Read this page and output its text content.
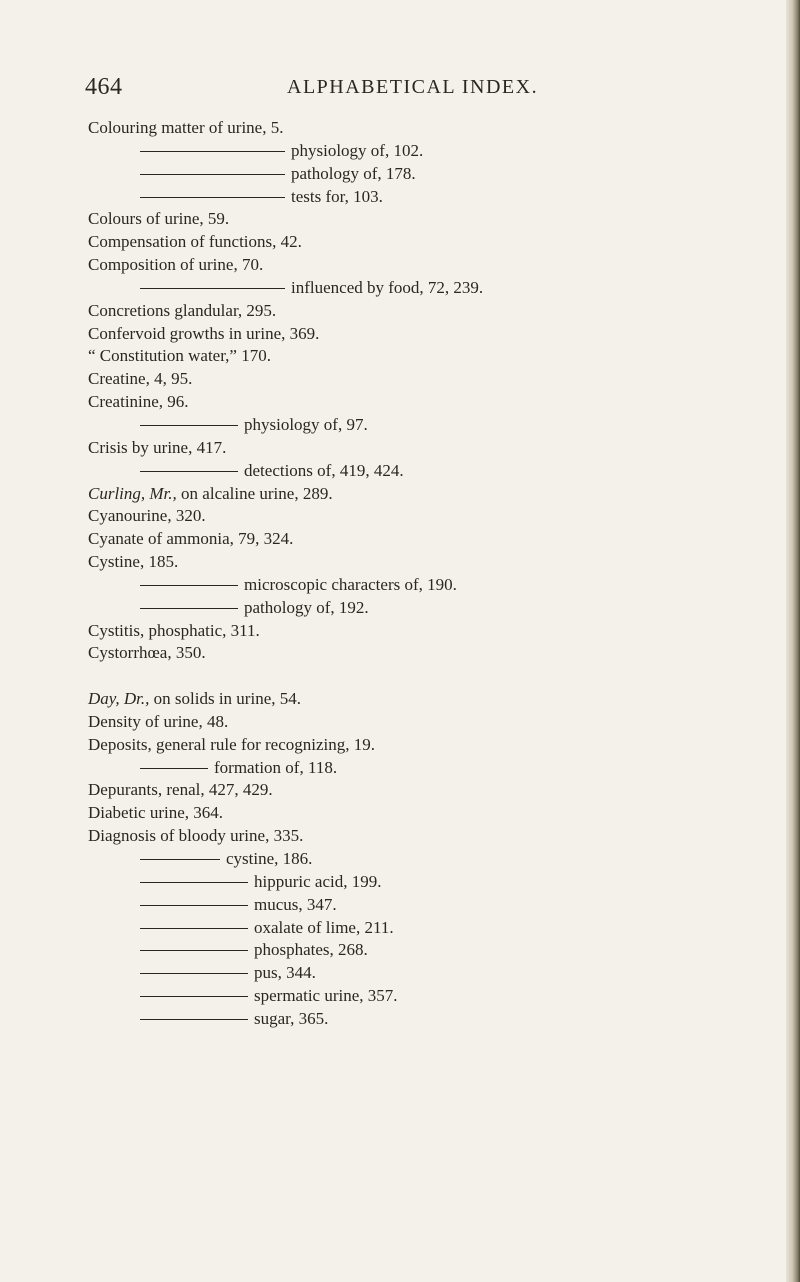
464	ALPHABETICAL INDEX.
Colouring matter of urine, 5.
physiology of, 102.
pathology of, 178.
tests for, 103.
Colours of urine, 59.
Compensation of functions, 42.
Composition of urine, 70.
influenced by food, 72, 239.
Concretions glandular, 295.
Confervoid growths in urine, 369.
“ Constitution water,” 170.
Creatine, 4, 95.
Creatinine, 96.
physiology of, 97.
Crisis by urine, 417.
detections of, 419, 424.
Curling, Mr., on alcaline urine, 289.
Cyanourine, 320.
Cyanate of ammonia, 79, 324.
Cystine, 185.
microscopic characters of, 190.
pathology of, 192.
Cystitis, phosphatic, 311.
Cystorrhœa, 350.
Day, Dr., on solids in urine, 54.
Density of urine, 48.
Deposits, general rule for recognizing, 19.
formation of, 118.
Depurants, renal, 427, 429.
Diabetic urine, 364.
Diagnosis of bloody urine, 335.
cystine, 186.
hippuric acid, 199.
mucus, 347.
oxalate of lime, 211.
phosphates, 268.
pus, 344.
spermatic urine, 357.
sugar, 365.
